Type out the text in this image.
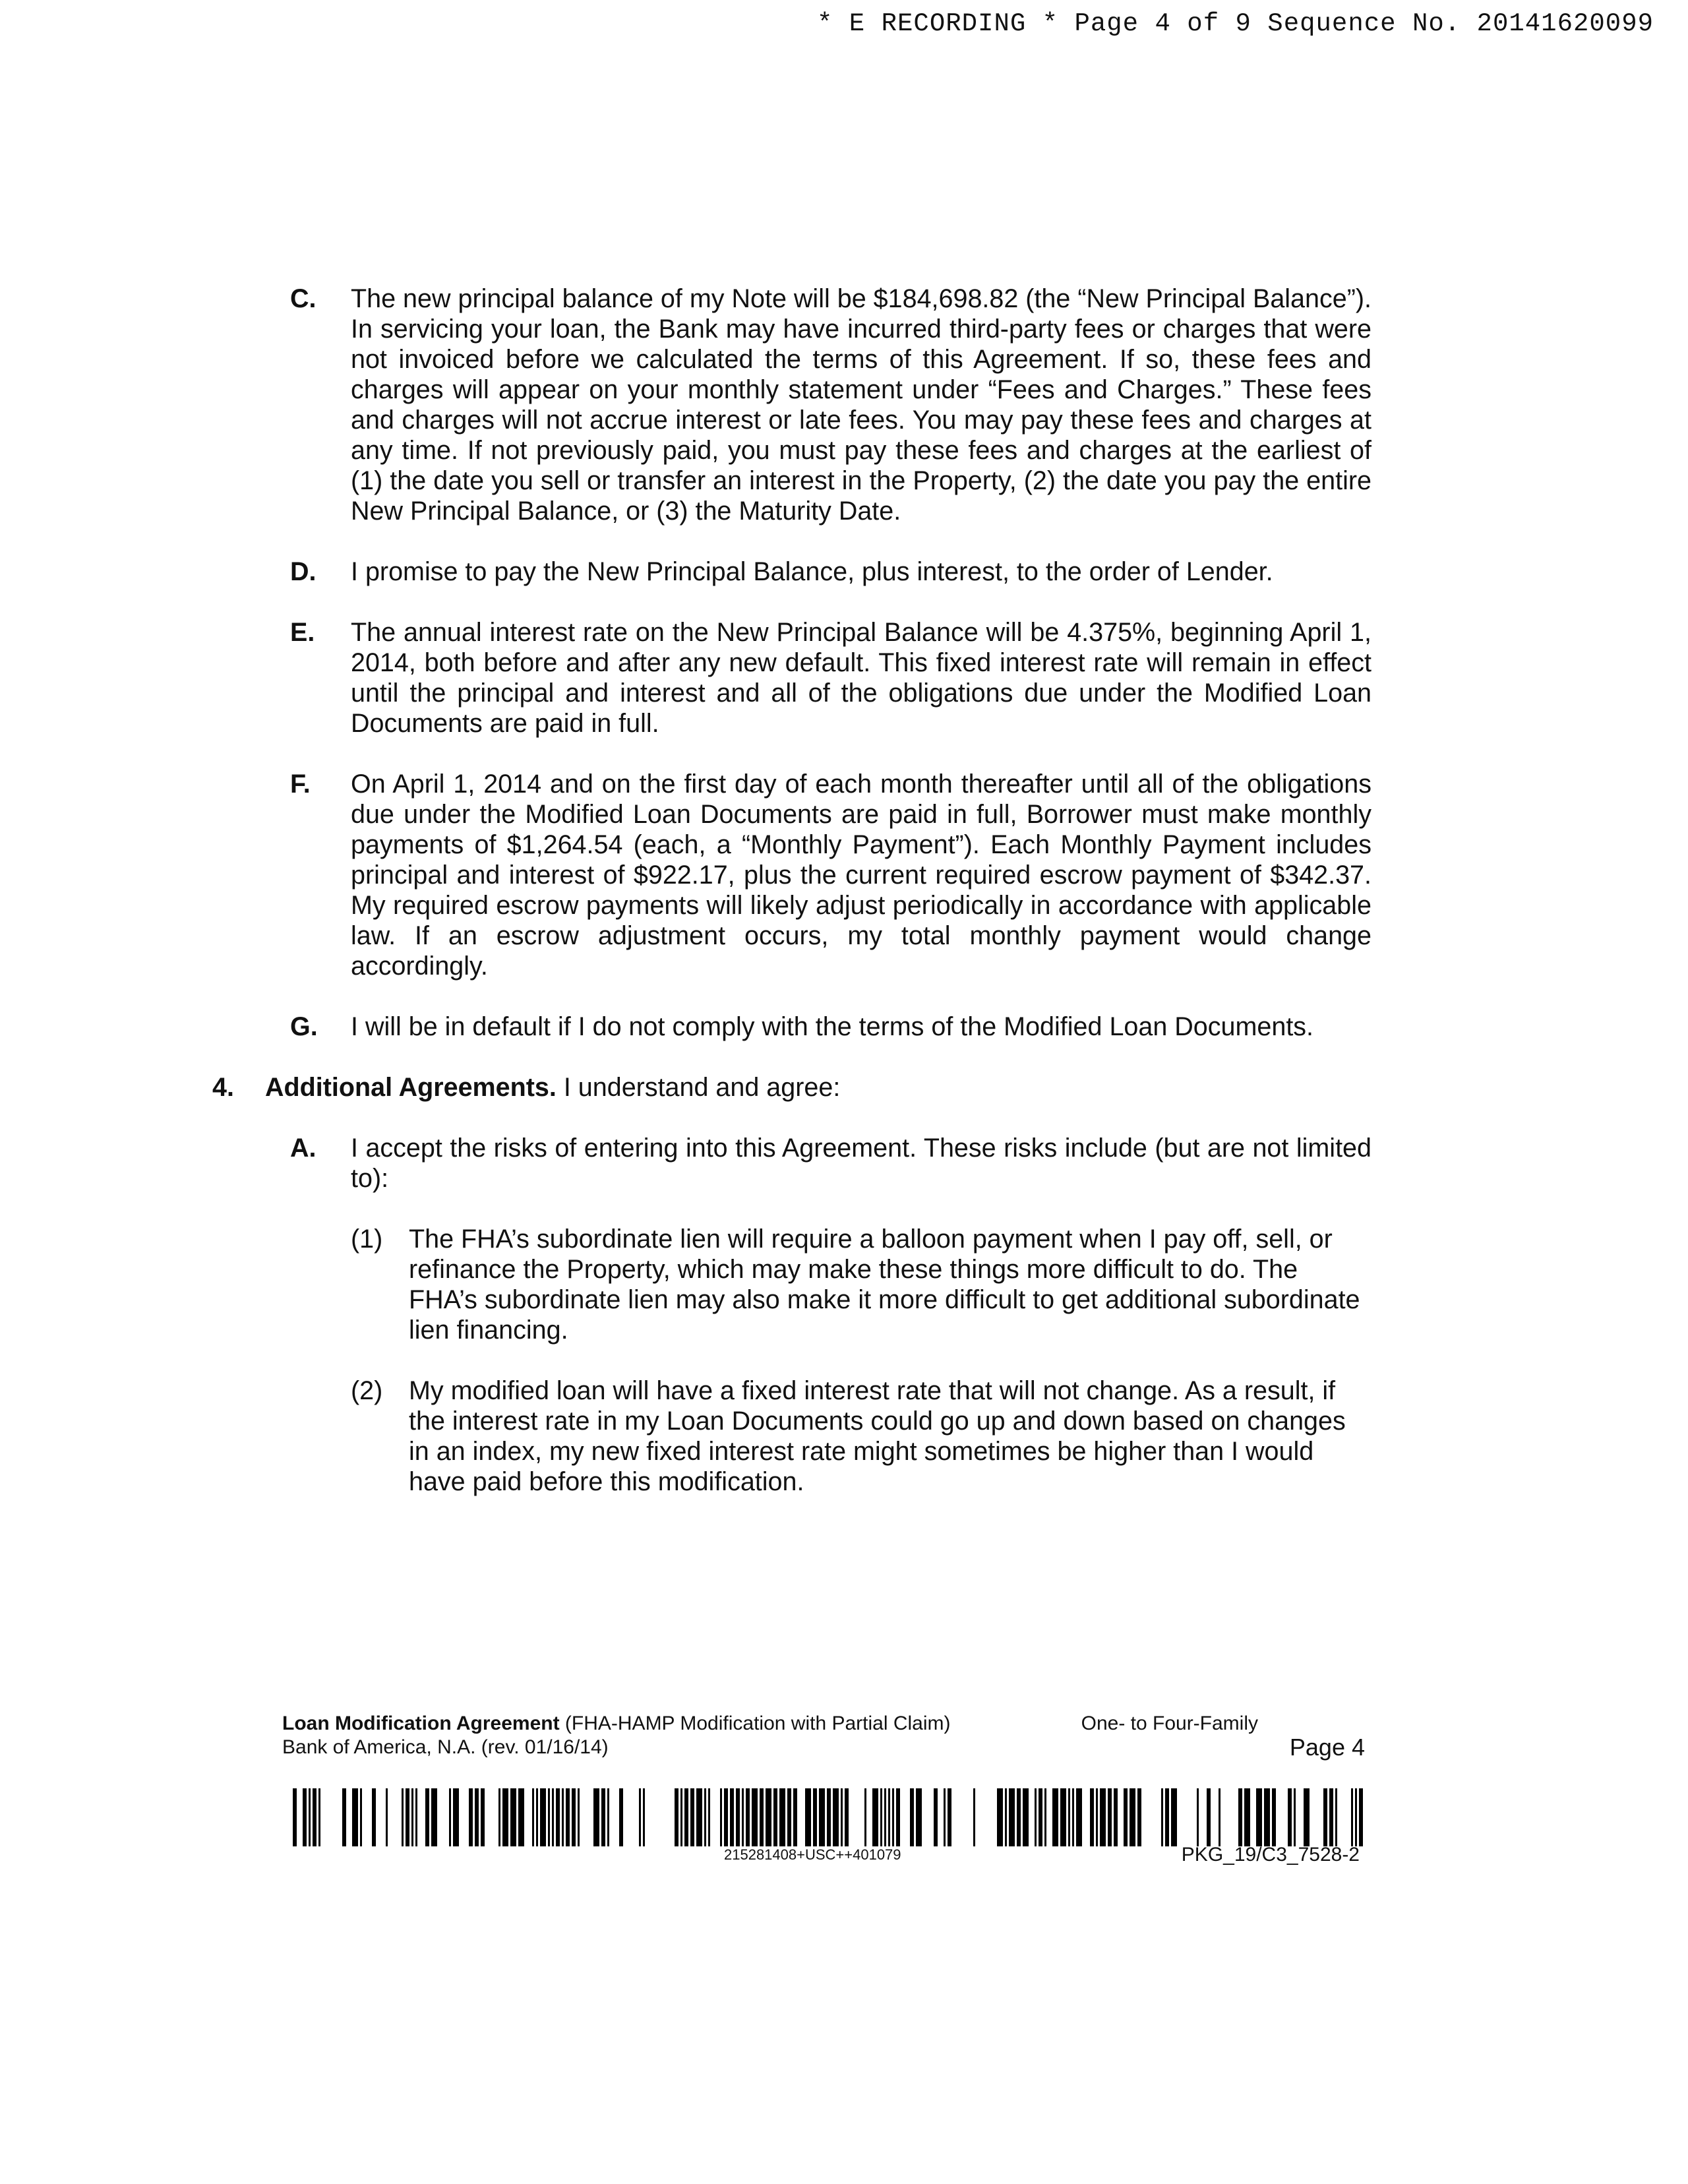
* E RECORDING * Page 4 of 9 Sequence No. 20141620099
C. The new principal balance of my Note will be $184,698.82 (the “New Principal Balance”). In servicing your loan, the Bank may have incurred third-party fees or charges that were not invoiced before we calculated the terms of this Agreement. If so, these fees and charges will appear on your monthly statement under “Fees and Charges.” These fees and charges will not accrue interest or late fees. You may pay these fees and charges at any time. If not previously paid, you must pay these fees and charges at the earliest of (1) the date you sell or transfer an interest in the Property, (2) the date you pay the entire New Principal Balance, or (3) the Maturity Date.
D. I promise to pay the New Principal Balance, plus interest, to the order of Lender.
E. The annual interest rate on the New Principal Balance will be 4.375%, beginning April 1, 2014, both before and after any new default. This fixed interest rate will remain in effect until the principal and interest and all of the obligations due under the Modified Loan Documents are paid in full.
F. On April 1, 2014 and on the first day of each month thereafter until all of the obligations due under the Modified Loan Documents are paid in full, Borrower must make monthly payments of $1,264.54 (each, a “Monthly Payment”). Each Monthly Payment includes principal and interest of $922.17, plus the current required escrow payment of $342.37. My required escrow payments will likely adjust periodically in accordance with applicable law. If an escrow adjustment occurs, my total monthly payment would change accordingly.
G. I will be in default if I do not comply with the terms of the Modified Loan Documents.
4. Additional Agreements. I understand and agree:
A. I accept the risks of entering into this Agreement. These risks include (but are not limited to):
(1) The FHA’s subordinate lien will require a balloon payment when I pay off, sell, or refinance the Property, which may make these things more difficult to do. The FHA’s subordinate lien may also make it more difficult to get additional subordinate lien financing.
(2) My modified loan will have a fixed interest rate that will not change. As a result, if the interest rate in my Loan Documents could go up and down based on changes in an index, my new fixed interest rate might sometimes be higher than I would have paid before this modification.
Loan Modification Agreement (FHA-HAMP Modification with Partial Claim)	One- to Four-Family
Bank of America, N.A. (rev. 01/16/14)	Page 4
215281408+USC++401079	PKG_19/C3_7528-2
